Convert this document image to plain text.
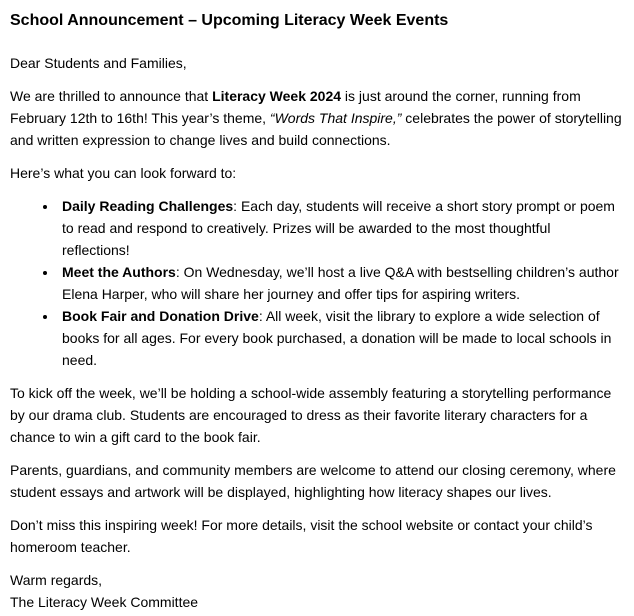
School Announcement – Upcoming Literacy Week Events

Dear Students and Families,

We are thrilled to announce that Literacy Week 2024 is just around the corner, running from February 12th to 16th! This year’s theme, “Words That Inspire,” celebrates the power of storytelling and written expression to change lives and build connections.

Here’s what you can look forward to:

• Daily Reading Challenges: Each day, students will receive a short story prompt or poem to read and respond to creatively. Prizes will be awarded to the most thoughtful reflections!
• Meet the Authors: On Wednesday, we’ll host a live Q&A with bestselling children’s author Elena Harper, who will share her journey and offer tips for aspiring writers.
• Book Fair and Donation Drive: All week, visit the library to explore a wide selection of books for all ages. For every book purchased, a donation will be made to local schools in need.

To kick off the week, we’ll be holding a school-wide assembly featuring a storytelling performance by our drama club. Students are encouraged to dress as their favorite literary characters for a chance to win a gift card to the book fair.

Parents, guardians, and community members are welcome to attend our closing ceremony, where student essays and artwork will be displayed, highlighting how literacy shapes our lives.

Don’t miss this inspiring week! For more details, visit the school website or contact your child’s homeroom teacher.

Warm regards,

The Literacy Week Committee
